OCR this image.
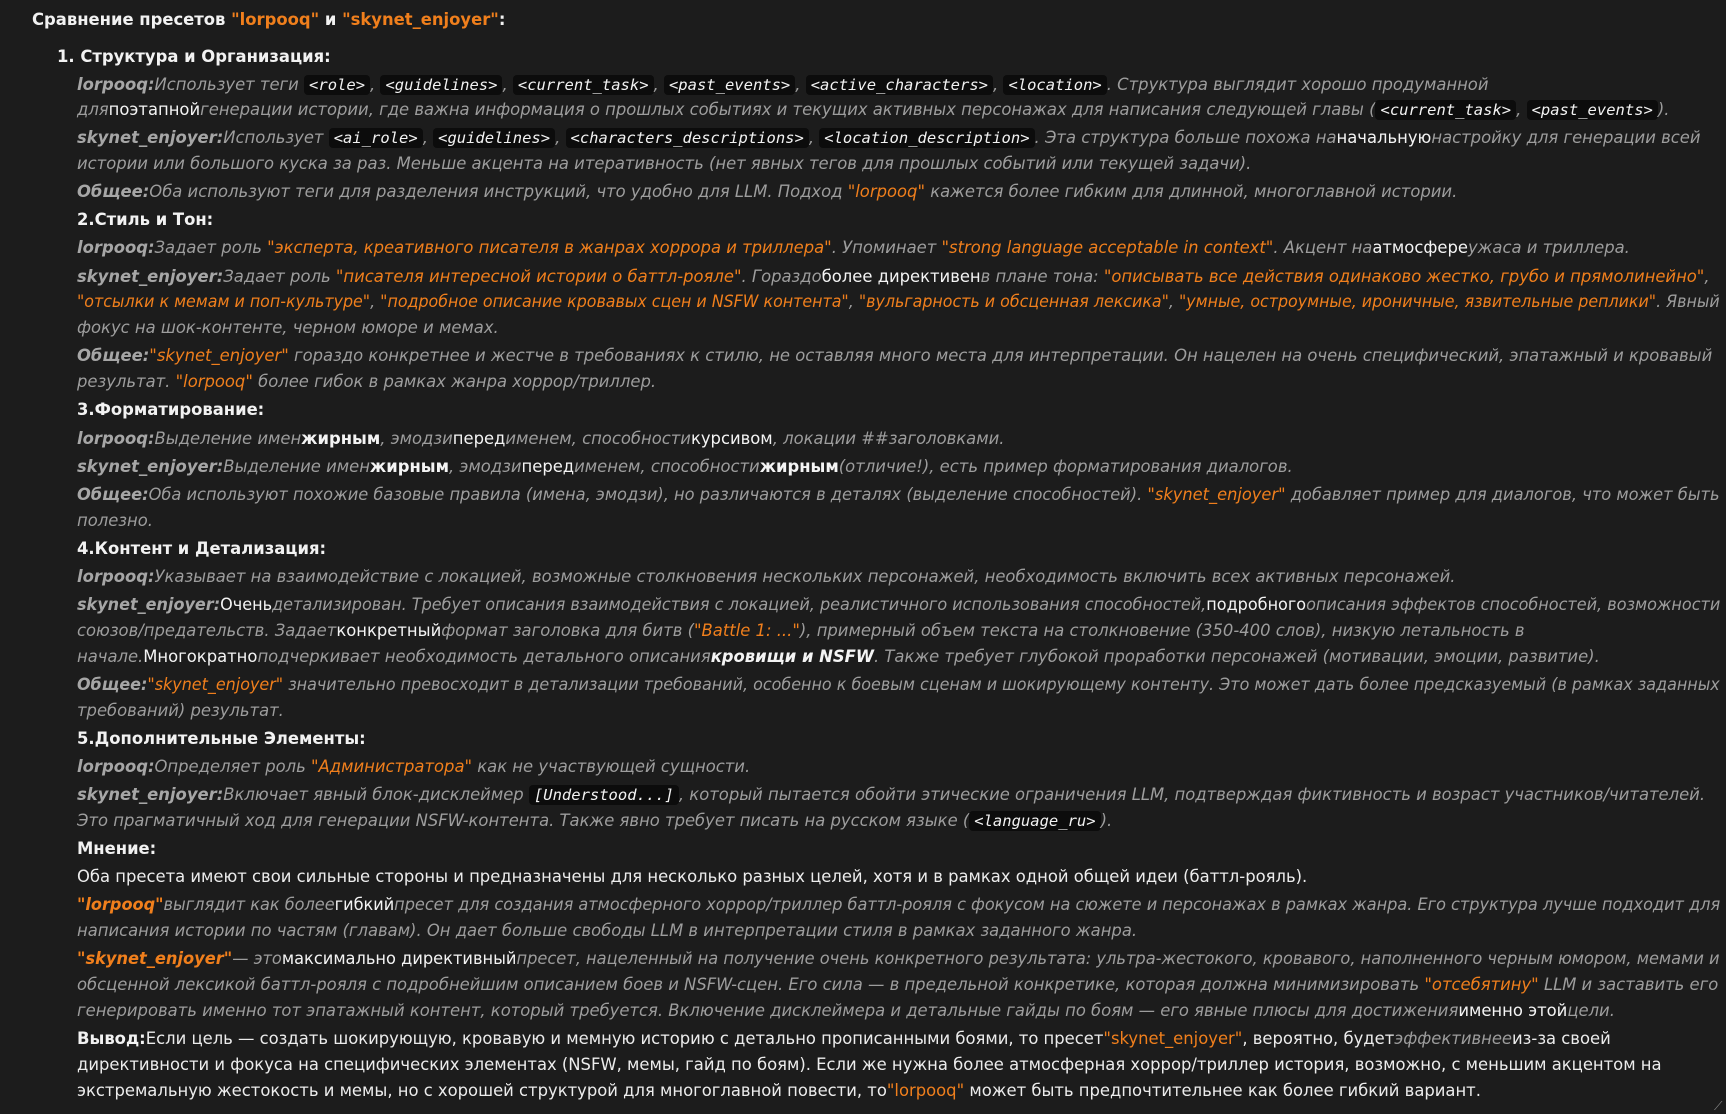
Сравнение пресетов "lorpooq" и "skynet_enjoyer":
1. Структура и Организация:
lorpooq:Использует теги <role> , <guidelines> , <current_task> , <past_events> , <active_characters> , <location> . Структура выглядит хорошо продуманной
дляпоэтапнойгенерации истории, где важна информация о прошлых событиях и текущих активных персонажах для написания следующей главы ( <current_task> , <past_events> ).
skynet_enjoyer:Использует <ai_role> , <guidelines> , <characters_descriptions> , <location_description> . Эта структура больше похожа наначальнуюнастройку для генерации всей
истории или большого куска за раз. Меньше акцента на итеративность (нет явных тегов для прошлых событий или текущей задачи).
Общее:Оба используют теги для разделения инструкций, что удобно для LLM. Подход "lorpooq" кажется более гибким для длинной, многоглавной истории.
2.Стиль и Тон:
lorpooq:Задает роль "эксперта, креативного писателя в жанрах хоррора и триллера". Упоминает "strong language acceptable in context". Акцент наатмосфереужаса и триллера.
skynet_enjoyer:Задает роль "писателя интересной истории о баттл-рояле". Гораздоболее директивенв плане тона: "описывать все действия одинаково жестко, грубо и прямолинейно",
"отсылки к мемам и поп-культуре", "подробное описание кровавых сцен и NSFW контента", "вульгарность и обсценная лексика", "умные, остроумные, ироничные, язвительные реплики". Явный
фокус на шок-контенте, черном юморе и мемах.
Общее:"skynet_enjoyer" гораздо конкретнее и жестче в требованиях к стилю, не оставляя много места для интерпретации. Он нацелен на очень специфический, эпатажный и кровавый
результат. "lorpooq" более гибок в рамках жанра хоррор/триллер.
3.Форматирование:
lorpooq:Выделение именжирным, эмодзипередименем, способностикурсивом, локации ##заголовками.
skynet_enjoyer:Выделение именжирным, эмодзипередименем, способностижирным(отличие!), есть пример форматирования диалогов.
Общее:Оба используют похожие базовые правила (имена, эмодзи), но различаются в деталях (выделение способностей). "skynet_enjoyer" добавляет пример для диалогов, что может быть
полезно.
4.Контент и Детализация:
lorpooq:Указывает на взаимодействие с локацией, возможные столкновения нескольких персонажей, необходимость включить всех активных персонажей.
skynet_enjoyer:Оченьдетализирован. Требует описания взаимодействия с локацией, реалистичного использования способностей,подробногоописания эффектов способностей, возможности
союзов/предательств. Задаетконкретныйформат заголовка для битв ("Battle 1: ..."), примерный объем текста на столкновение (350-400 слов), низкую летальность в
начале.Многократноподчеркивает необходимость детального описаниякровищи и NSFW. Также требует глубокой проработки персонажей (мотивации, эмоции, развитие).
Общее:"skynet_enjoyer" значительно превосходит в детализации требований, особенно к боевым сценам и шокирующему контенту. Это может дать более предсказуемый (в рамках заданных
требований) результат.
5.Дополнительные Элементы:
lorpooq:Определяет роль "Администратора" как не участвующей сущности.
skynet_enjoyer:Включает явный блок-дисклеймер [Understood...] , который пытается обойти этические ограничения LLM, подтверждая фиктивность и возраст участников/читателей.
Это прагматичный ход для генерации NSFW-контента. Также явно требует писать на русском языке ( <language_ru> ).
Мнение:
Оба пресета имеют свои сильные стороны и предназначены для несколько разных целей, хотя и в рамках одной общей идеи (баттл-рояль).
"lorpooq"выглядит как болеегибкийпресет для создания атмосферного хоррор/триллер баттл-рояля с фокусом на сюжете и персонажах в рамках жанра. Его структура лучше подходит для
написания истории по частям (главам). Он дает больше свободы LLM в интерпретации стиля в рамках заданного жанра.
"skynet_enjoyer"— этомаксимально директивныйпресет, нацеленный на получение очень конкретного результата: ультра-жестокого, кровавого, наполненного черным юмором, мемами и
обсценной лексикой баттл-рояля с подробнейшим описанием боев и NSFW-сцен. Его сила — в предельной конкретике, которая должна минимизировать "отсебятину" LLM и заставить его
генерировать именно тот эпатажный контент, который требуется. Включение дисклеймера и детальные гайды по боям — его явные плюсы для достиженияименно этойцели.
Вывод:Если цель — создать шокирующую, кровавую и мемную историю с детально прописанными боями, то пресет"skynet_enjoyer", вероятно, будетэффективнееиз-за своей
директивности и фокуса на специфических элементах (NSFW, мемы, гайд по боям). Если же нужна более атмосферная хоррор/триллер история, возможно, с меньшим акцентом на
экстремальную жестокость и мемы, но с хорошей структурой для многоглавной повести, то"lorpooq" может быть предпочтительнее как более гибкий вариант.
⟋
